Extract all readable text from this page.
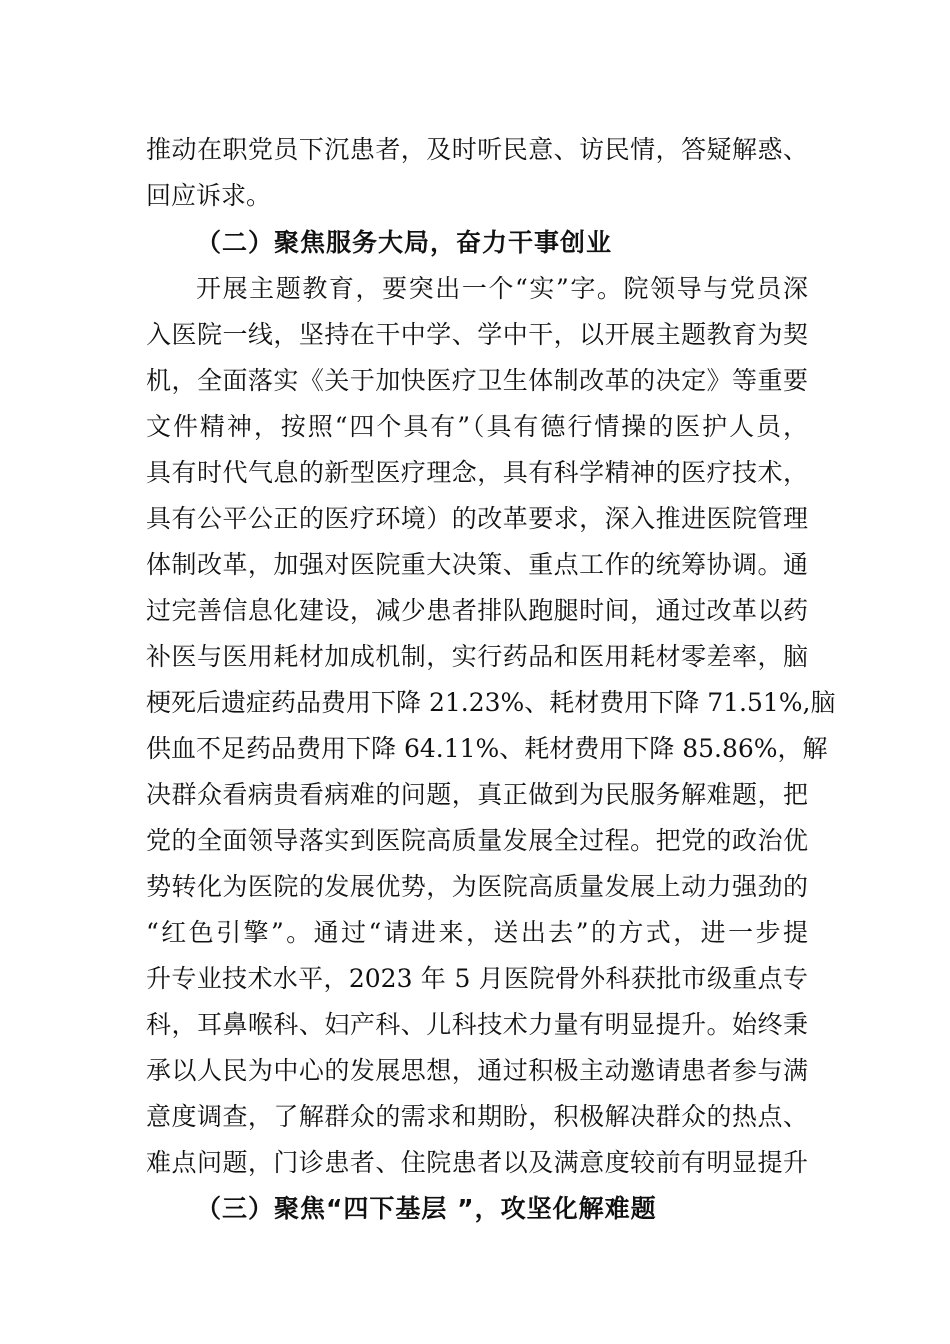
推动在职党员下沉患者，及时听民意、访民情，答疑解惑、
回应诉求。
（二）聚焦服务大局，奋力干事创业
开展主题教育，要突出一个“实”字。院领导与党员深
入医院一线，坚持在干中学、学中干，以开展主题教育为契
机，全面落实《关于加快医疗卫生体制改革的决定》等重要
文件精神，按照“四个具有”（具有德行情操的医护人员，
具有时代气息的新型医疗理念，具有科学精神的医疗技术，
具有公平公正的医疗环境）的改革要求，深入推进医院管理
体制改革，加强对医院重大决策、重点工作的统筹协调。通
过完善信息化建设，减少患者排队跑腿时间，通过改革以药
补医与医用耗材加成机制，实行药品和医用耗材零差率，脑
梗死后遗症药品费用下降 21.23%、耗材费用下降 71.51%,脑
供血不足药品费用下降 64.11%、耗材费用下降 85.86%，解
决群众看病贵看病难的问题，真正做到为民服务解难题，把
党的全面领导落实到医院高质量发展全过程。把党的政治优
势转化为医院的发展优势，为医院高质量发展上动力强劲的
“红色引擎”。通过“请进来，送出去”的方式，进一步提
升专业技术水平，2023 年 5 月医院骨外科获批市级重点专
科，耳鼻喉科、妇产科、儿科技术力量有明显提升。始终秉
承以人民为中心的发展思想，通过积极主动邀请患者参与满
意度调查，了解群众的需求和期盼，积极解决群众的热点、
难点问题，门诊患者、住院患者以及满意度较前有明显提升
（三）聚焦“四下基层 ”，攻坚化解难题
